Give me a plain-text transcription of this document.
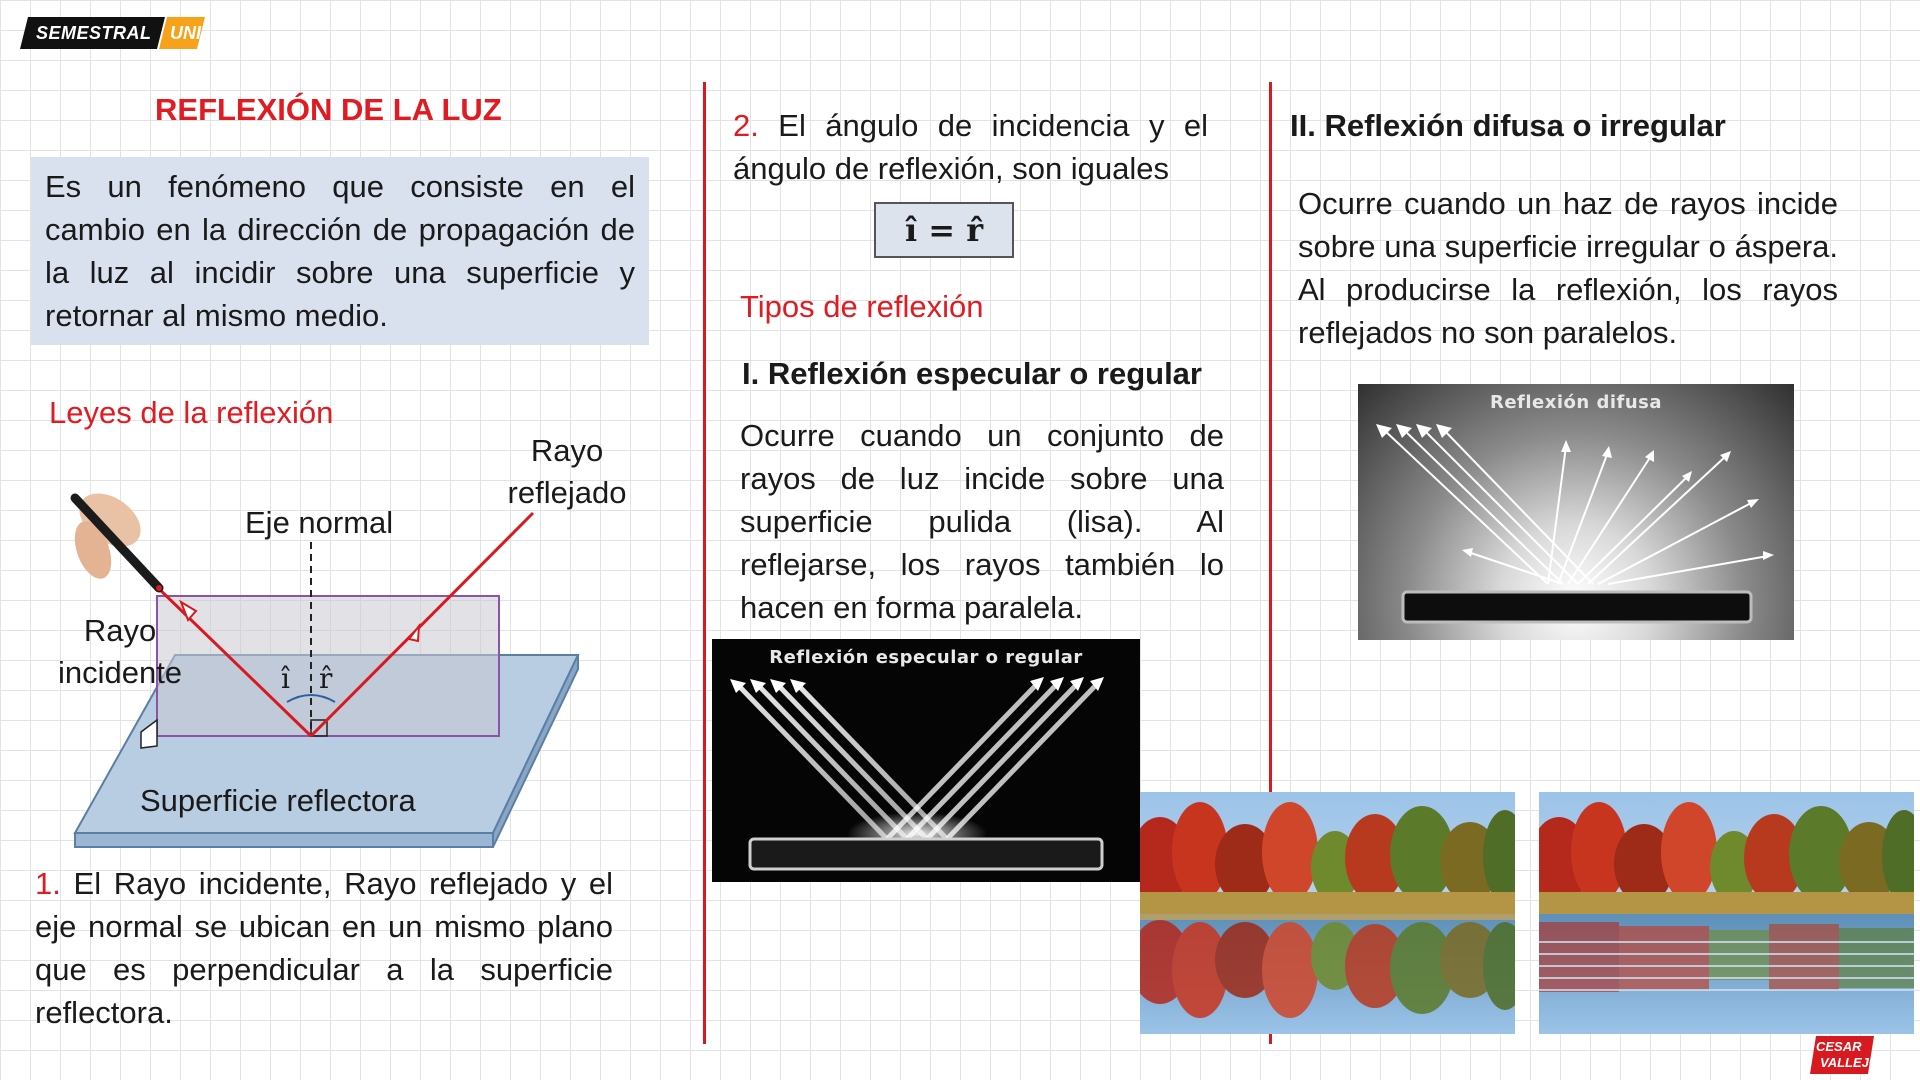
SEMESTRAL UNI
REFLEXIÓN DE LA LUZ
Es un fenómeno que consiste en el cambio en la dirección de propagación de la luz al incidir sobre una superficie y retornar al mismo medio.
Leyes de la reflexión
Rayo
reflejado
Eje normal
Rayo
incidente	î r̂
Superficie reflectora
1. El Rayo incidente, Rayo reflejado y el eje normal se ubican en un mismo plano que es perpendicular a la superficie reflectora.
2. El ángulo de incidencia y el ángulo de reflexión, son iguales
î = r̂
Tipos de reflexión
I. Reflexión especular o regular
Ocurre cuando un conjunto de rayos de luz incide sobre una superficie pulida (lisa). Al reflejarse, los rayos también lo hacen en forma paralela.
Reflexión especular o regular
II. Reflexión difusa o irregular
Ocurre cuando un haz de rayos incide sobre una superficie irregular o áspera. Al producirse la reflexión, los rayos reflejados no son paralelos.
Reflexión difusa
CESAR
VALLEJO
